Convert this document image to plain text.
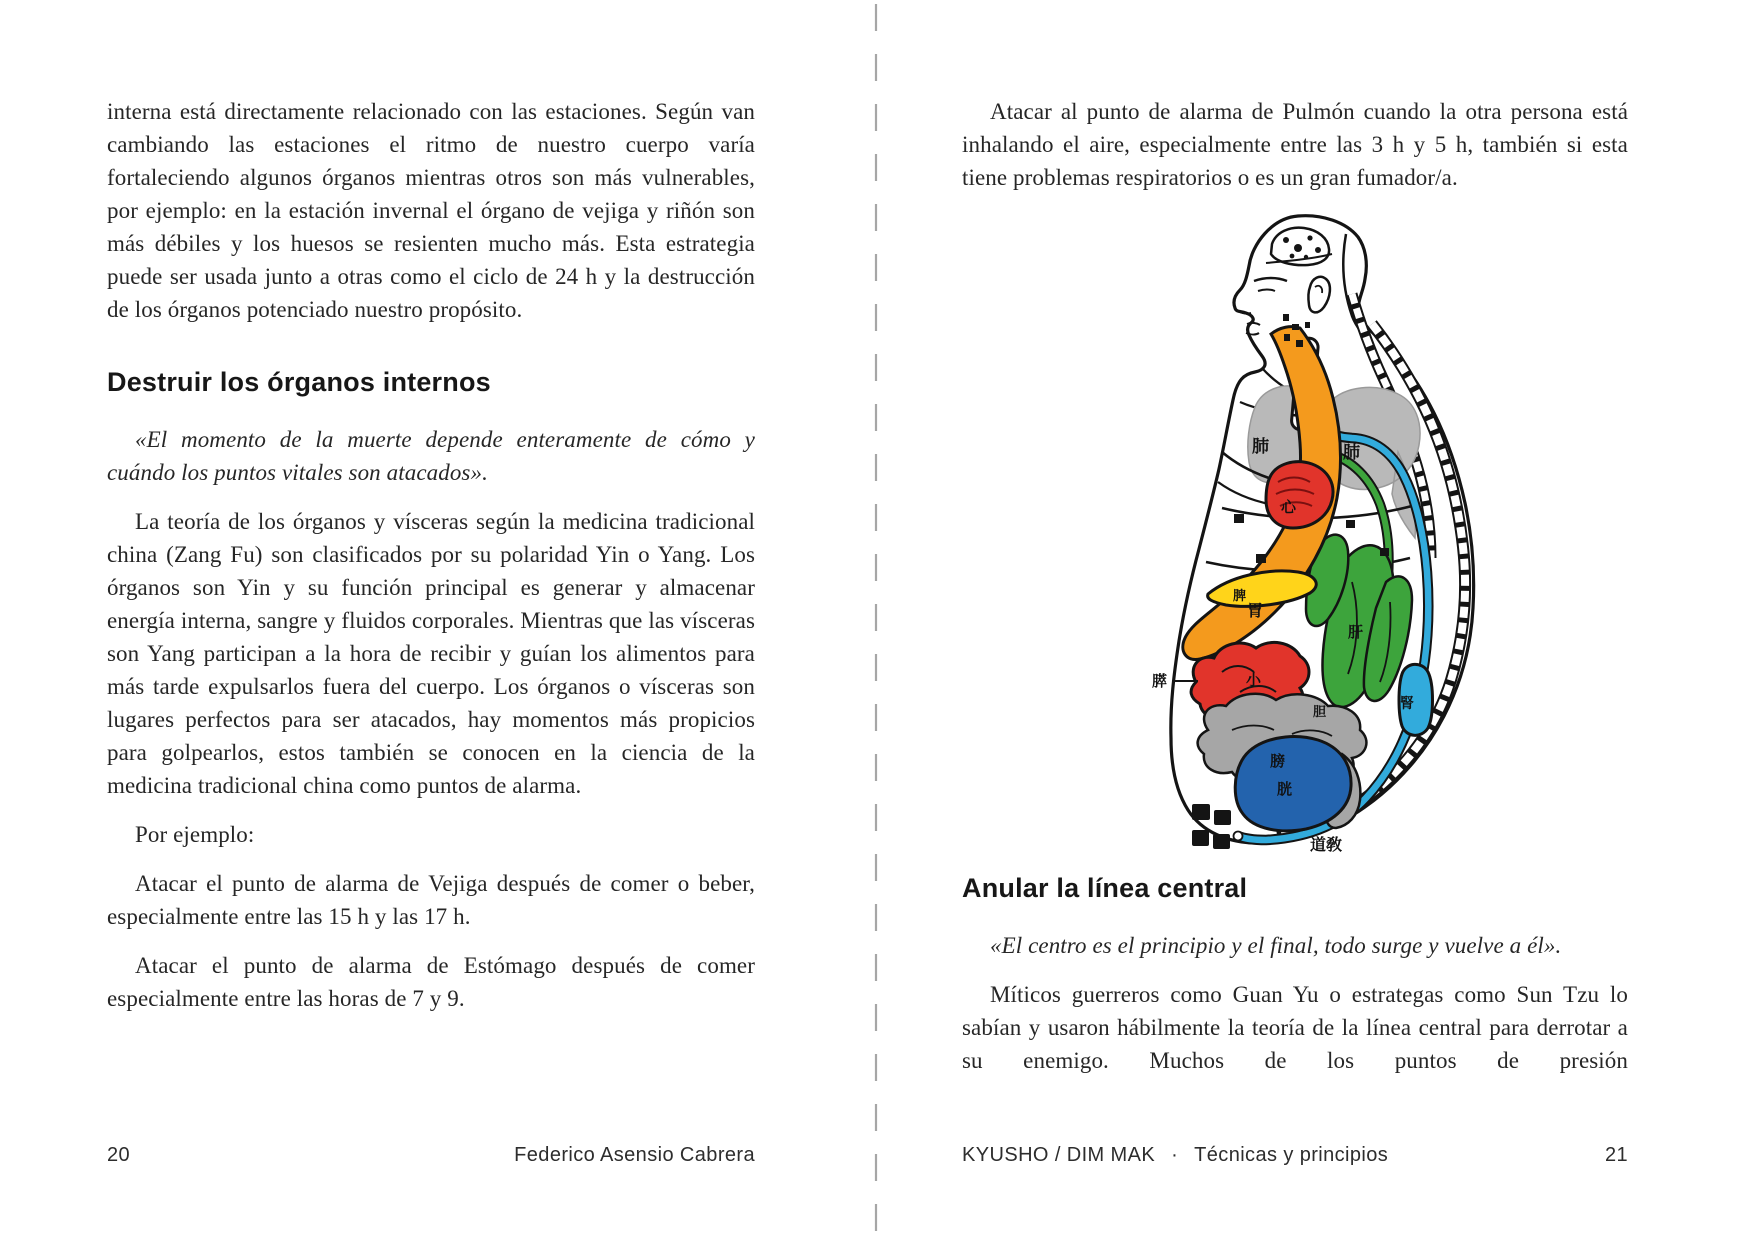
interna está directamente relacionado con las estaciones. Según van cambiando las estaciones el ritmo de nuestro cuerpo varía fortaleciendo algunos órganos mientras otros son más vulnerables, por ejemplo: en la estación invernal el órgano de vejiga y riñón son más débiles y los huesos se resienten mucho más. Esta estrategia puede ser usada junto a otras como el ciclo de 24 h y la destrucción de los órganos potenciado nuestro propósito.

Destruir los órganos internos

«El momento de la muerte depende enteramente de cómo y cuándo los puntos vitales son atacados».

La teoría de los órganos y vísceras según la medicina tradicional china (Zang Fu) son clasificados por su polaridad Yin o Yang. Los órganos son Yin y su función principal es generar y almacenar energía interna, sangre y fluidos corporales. Mientras que las vísceras son Yang participan a la hora de recibir y guían los alimentos para más tarde expulsarlos fuera del cuerpo. Los órganos o vísceras son lugares perfectos para ser atacados, hay momentos más propicios para golpearlos, estos también se conocen en la ciencia de la medicina tradicional china como puntos de alarma.

Por ejemplo:

Atacar el punto de alarma de Vejiga después de comer o beber, especialmente entre las 15 h y las 17 h.

Atacar el punto de alarma de Estómago después de comer especialmente entre las horas de 7 y 9.

Atacar al punto de alarma de Pulmón cuando la otra persona está inhalando el aire, especialmente entre las 3 h y 5 h, también si esta tiene problemas respiratorios o es un gran fumador/a.

肺	肺
心
脾
胃
肝
胆
小
膵
膀
胱
腎
道敎
Anular la línea central

«El centro es el principio y el final, todo surge y vuelve a él».

Míticos guerreros como Guan Yu o estrategas como Sun Tzu lo sabían y usaron hábilmente la teoría de la línea central para derrotar a su enemigo. Muchos de los puntos de presión

20	Federico Asensio Cabrera	KYUSHO / DIM MAK · Técnicas y principios	21
